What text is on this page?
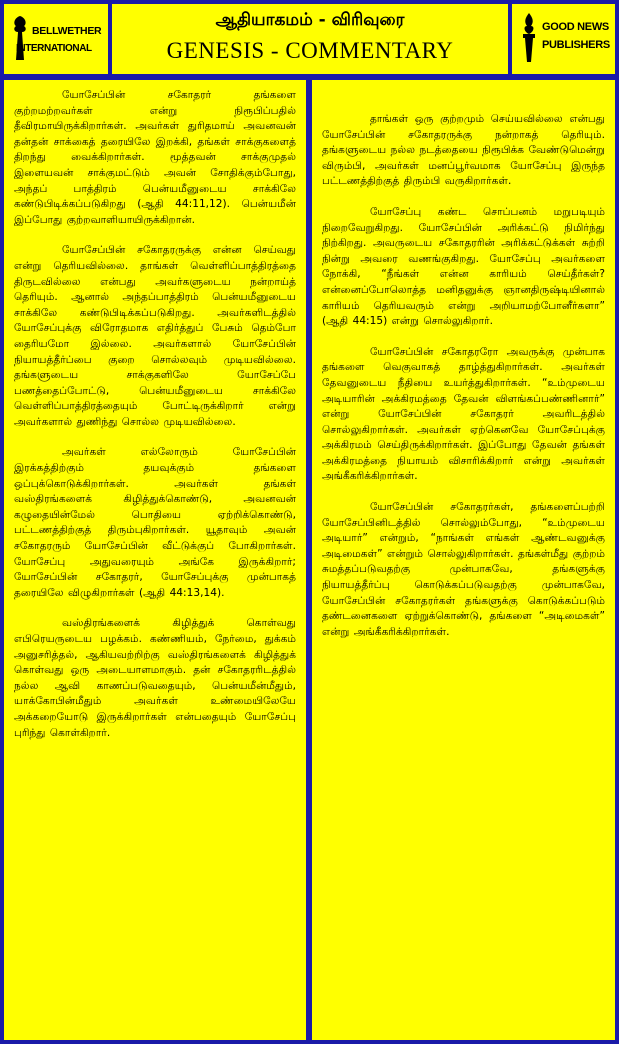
BELLWETHER
INTERNATIONAL
ஆதியாகமம் - விரிவுரை
GENESIS - COMMENTARY
GOOD NEWS
PUBLISHERS

யோசேப்பின் சகோதரர் தங்களை குற்றமற்றவர்கள் என்று நிரூபிப்பதில் தீவிரமாயிருக்கிறார்கள். அவர்கள் துரிதமாய் அவனவன் தன்தன் சாக்கைத் தரையிலே இறக்கி, தங்கள் சாக்குகளைத் திறந்து வைக்கிறார்கள். மூத்தவன் சாக்குமுதல் இளையவன் சாக்குமட்டும் அவன் சோதிக்கும்போது, அந்தப் பாத்திரம் பென்யமீனுடைய சாக்கிலே கண்டுபிடிக்கப்படுகிறது (ஆதி 44:11,12). பென்யமீன் இப்போது குற்றவாளியாயிருக்கிறான்.

யோசேப்பின் சகோதரருக்கு என்ன செய்வது என்று தெரியவில்லை. தாங்கள் வெள்ளிப்பாத்திரத்தை திருடவில்லை என்பது அவர்களுடைய நன்றாய்த் தெரியும். ஆனால் அந்தப்பாத்திரம் பென்யமீனுடைய சாக்கிலே கண்டுபிடிக்கப்படுகிறது. அவர்களிடத்தில் யோசேப்புக்கு விரோதமாக எதிர்த்துப் பேசும் தெம்போ தைரியமோ இல்லை. அவர்களால் யோசேப்பின் நியாயத்தீர்ப்பை குறை சொல்லவும் முடியவில்லை. தங்களுடைய சாக்குகளிலே யோசேப்பே பணத்தைப்போட்டு, பென்யமீனுடைய சாக்கிலே வெள்ளிப்பாத்திரத்தையும் போட்டிருக்கிறார் என்று அவர்களால் துணிந்து சொல்ல முடியவில்லை.

அவர்கள் எல்லோரும் யோசேப்பின் இரக்கத்திற்கும் தயவுக்கும் தங்களை ஒப்புக்கொடுக்கிறார்கள். அவர்கள் தங்கள் வஸ்திரங்களைக் கிழித்துக்கொண்டு, அவனவன் கழுதையின்மேல் பொதியை ஏற்றிக்கொண்டு, பட்டணத்திற்குத் திரும்புகிறார்கள். யூதாவும் அவன் சகோதரரும் யோசேப்பின் வீட்டுக்குப் போகிறார்கள். யோசேப்பு அதுவரையும் அங்கே இருக்கிறார்; யோசேப்பின் சகோதரர், யோசேப்புக்கு முன்பாகத் தரையிலே விழுகிறார்கள் (ஆதி 44:13,14).

வஸ்திரங்களைக் கிழித்துக் கொள்வது எபிரெயருடைய பழக்கம். கண்ணியம், நேர்மை, துக்கம் அனுசரித்தல், ஆகியவற்றிற்கு வஸ்திரங்களைக் கிழித்துக் கொள்வது ஒரு அடையாளமாகும். தன் சகோதரரிடத்தில் நல்ல ஆவி காணப்படுவதையும், பென்யமீன்மீதும், யாக்கோபின்மீதும் அவர்கள் உண்மையிலேயே அக்கறையோடு இருக்கிறார்கள் என்பதையும் யோசேப்பு புரிந்து கொள்கிறார்.

தாங்கள் ஒரு குற்றமும் செய்யவில்லை என்பது யோசேப்பின் சகோதரருக்கு நன்றாகத் தெரியும். தங்களுடைய நல்ல நடத்தையை நிரூபிக்க வேண்டுமென்று விரும்பி, அவர்கள் மனப்பூர்வமாக யோசேப்பு இருந்த பட்டணத்திற்குத் திரும்பி வருகிறார்கள்.

யோசேப்பு கண்ட சொப்பனம் மறுபடியும் நிறைவேறுகிறது. யோசேப்பின் அரிக்கட்டு நிமிர்ந்து நிற்கிறது. அவருடைய சகோதரரின் அரிக்கட்டுக்கள் சுற்றி நின்று அவரை வணங்குகிறது. யோசேப்பு அவர்களை நோக்கி, “நீங்கள் என்ன காரியம் செய்தீர்கள்? என்னைப்போலொத்த மனிதனுக்கு ஞானதிருஷ்டியினால் காரியம் தெரியவரும் என்று அறியாமற்போனீர்களா” (ஆதி 44:15) என்று சொல்லுகிறார்.

யோசேப்பின் சகோதரரோ அவருக்கு முன்பாக தங்களை வெகுவாகத் தாழ்த்துகிறார்கள். அவர்கள் தேவனுடைய நீதியை உயர்த்துகிறார்கள். “உம்முடைய அடியாரின் அக்கிரமத்தை தேவன் விளங்கப்பண்ணினார்” என்று யோசேப்பின் சகோதரர் அவரிடத்தில் சொல்லுகிறார்கள். அவர்கள் ஏற்கெனவே யோசேப்புக்கு அக்கிரமம் செய்திருக்கிறார்கள். இப்போது தேவன் தங்கள் அக்கிரமத்தை நியாயம் விசாரிக்கிறார் என்று அவர்கள் அங்கீகரிக்கிறார்கள்.

யோசேப்பின் சகோதரர்கள், தங்களைப்பற்றி யோசேப்பினிடத்தில் சொல்லும்போது, “உம்முடைய அடியார்” என்றும், “நாங்கள் எங்கள் ஆண்டவனுக்கு அடிமைகள்” என்றும் சொல்லுகிறார்கள். தங்கள்மீது குற்றம் சுமத்தப்படுவதற்கு முன்பாகவே, தங்களுக்கு நியாயத்தீர்ப்பு கொடுக்கப்படுவதற்கு முன்பாகவே, யோசேப்பின் சகோதரர்கள் தங்களுக்கு கொடுக்கப்படும் தண்டனைகளை ஏற்றுக்கொண்டு, தங்களை “அடிமைகள்” என்று அங்கீகரிக்கிறார்கள்.
